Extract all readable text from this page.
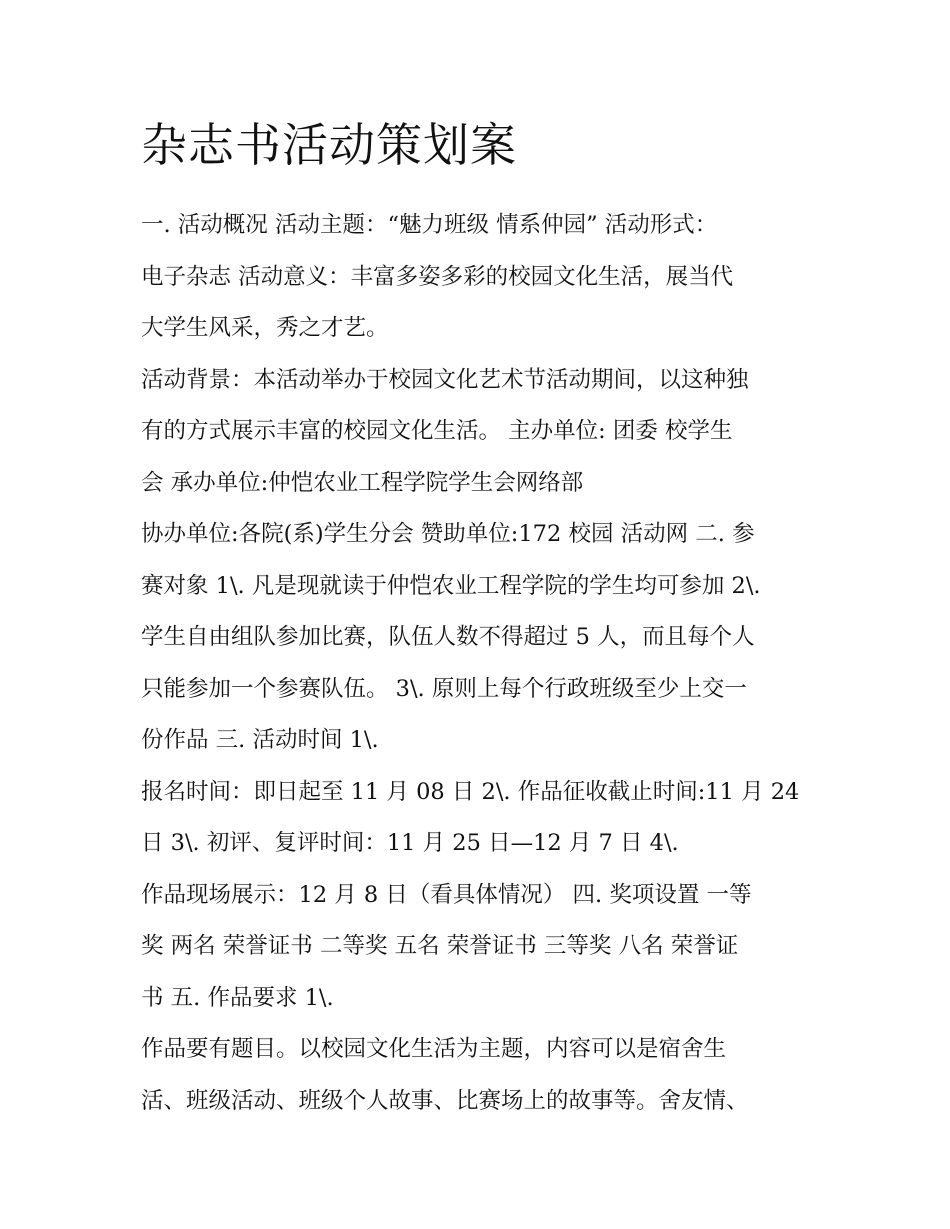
杂志书活动策划案
一. 活动概况 活动主题：“魅力班级 情系仲园” 活动形式：
电子杂志 活动意义：丰富多姿多彩的校园文化生活，展当代
大学生风采，秀之才艺。
活动背景：本活动举办于校园文化艺术节活动期间，以这种独
有的方式展示丰富的校园文化生活。 主办单位: 团委 校学生
会 承办单位:仲恺农业工程学院学生会网络部
协办单位:各院(系)学生分会 赞助单位:172 校园 活动网 二. 参
赛对象 1\. 凡是现就读于仲恺农业工程学院的学生均可参加 2\.
学生自由组队参加比赛，队伍人数不得超过 5 人，而且每个人
只能参加一个参赛队伍。 3\. 原则上每个行政班级至少上交一
份作品 三. 活动时间 1\.
报名时间：即日起至 11 月 08 日 2\. 作品征收截止时间:11 月 24
日 3\. 初评、复评时间：11 月 25 日—12 月 7 日 4\.
作品现场展示：12 月 8 日（看具体情况） 四. 奖项设置 一等
奖 两名 荣誉证书 二等奖 五名 荣誉证书 三等奖 八名 荣誉证
书 五. 作品要求 1\.
作品要有题目。以校园文化生活为主题，内容可以是宿舍生
活、班级活动、班级个人故事、比赛场上的故事等。舍友情、
